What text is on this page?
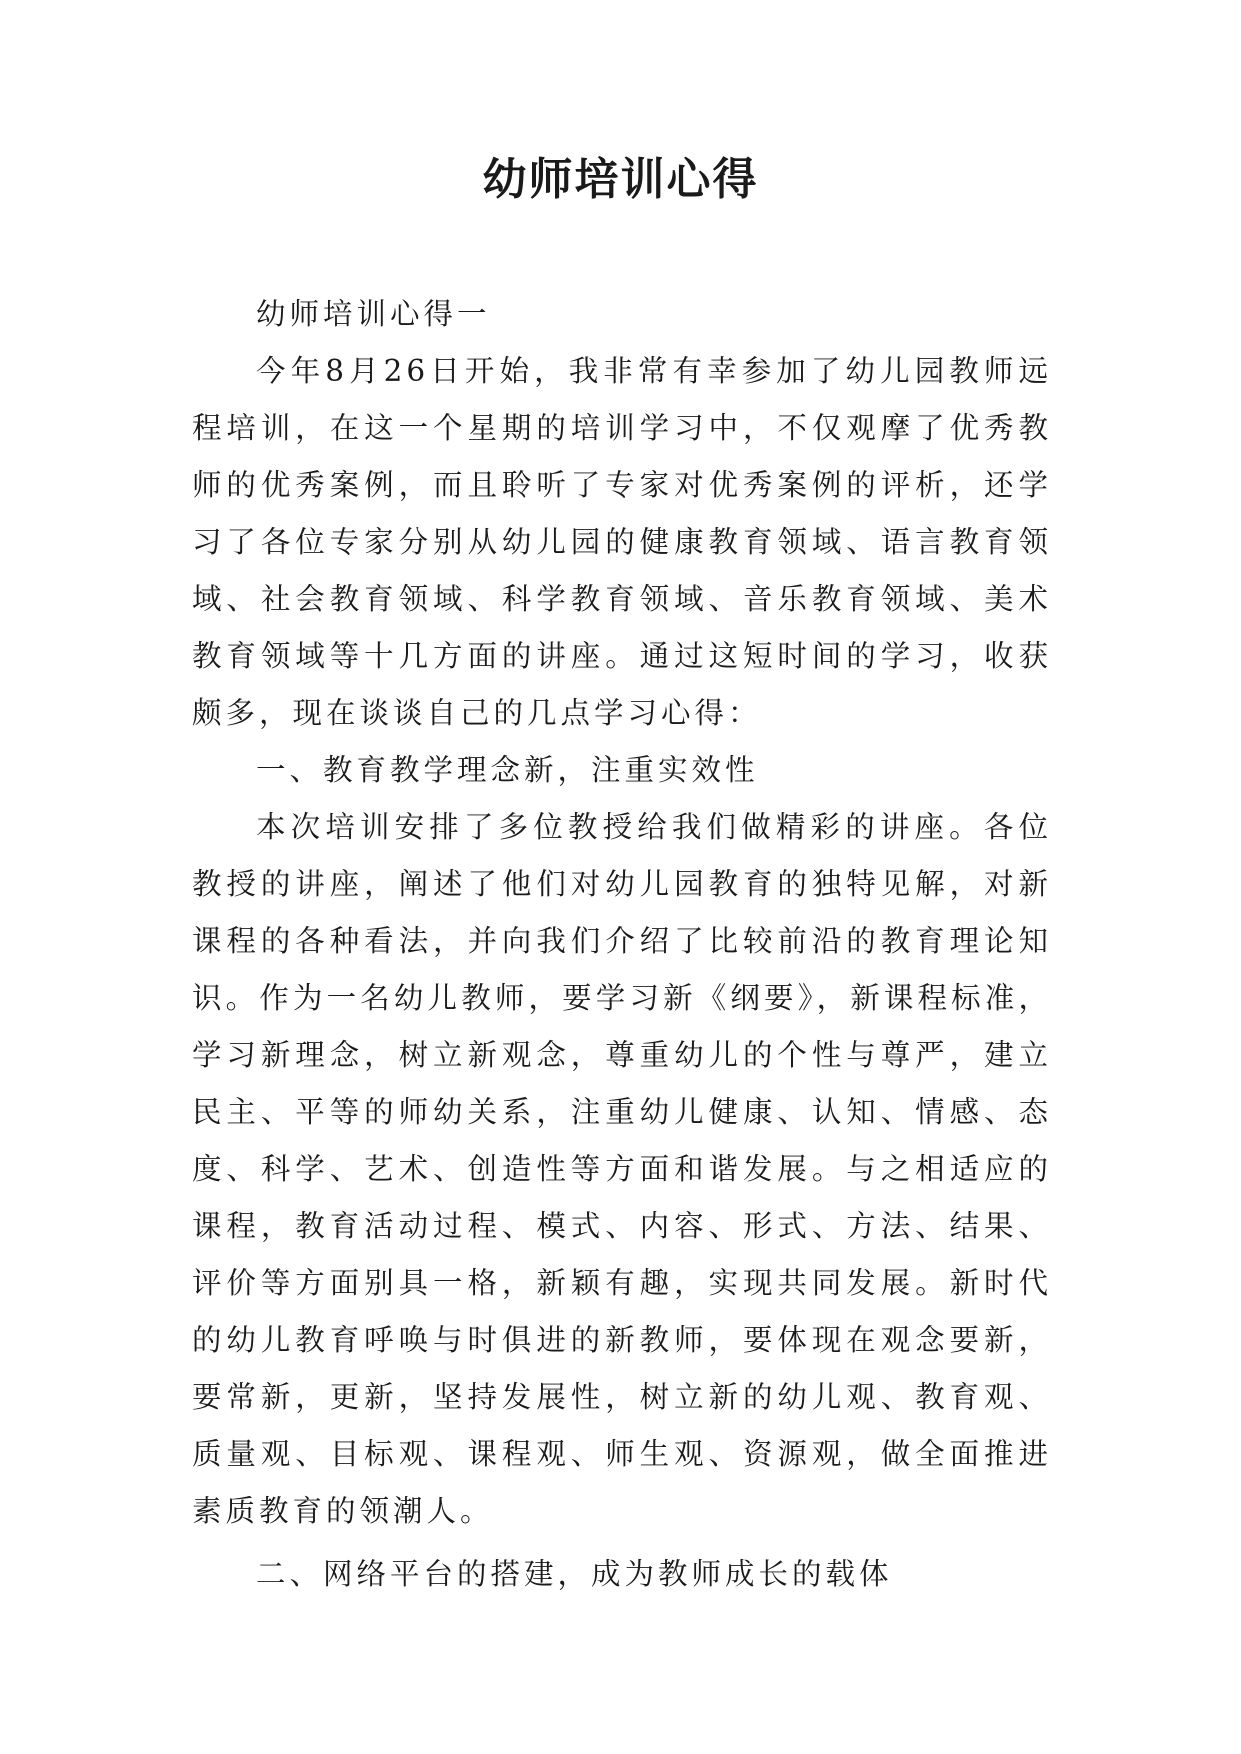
幼师培训心得

幼师培训心得一

今年8月26日开始，我非常有幸参加了幼儿园教师远程培训，在这一个星期的培训学习中，不仅观摩了优秀教师的优秀案例，而且聆听了专家对优秀案例的评析，还学习了各位专家分别从幼儿园的健康教育领域、语言教育领域、社会教育领域、科学教育领域、音乐教育领域、美术教育领域等十几方面的讲座。通过这短时间的学习，收获颇多，现在谈谈自己的几点学习心得：

一、教育教学理念新，注重实效性

本次培训安排了多位教授给我们做精彩的讲座。各位教授的讲座，阐述了他们对幼儿园教育的独特见解，对新课程的各种看法，并向我们介绍了比较前沿的教育理论知识。作为一名幼儿教师，要学习新《纲要》，新课程标准，学习新理念，树立新观念，尊重幼儿的个性与尊严，建立民主、平等的师幼关系，注重幼儿健康、认知、情感、态度、科学、艺术、创造性等方面和谐发展。与之相适应的课程，教育活动过程、模式、内容、形式、方法、结果、评价等方面别具一格，新颖有趣，实现共同发展。新时代的幼儿教育呼唤与时俱进的新教师，要体现在观念要新，要常新，更新，坚持发展性，树立新的幼儿观、教育观、质量观、目标观、课程观、师生观、资源观，做全面推进素质教育的领潮人。

二、网络平台的搭建，成为教师成长的载体
